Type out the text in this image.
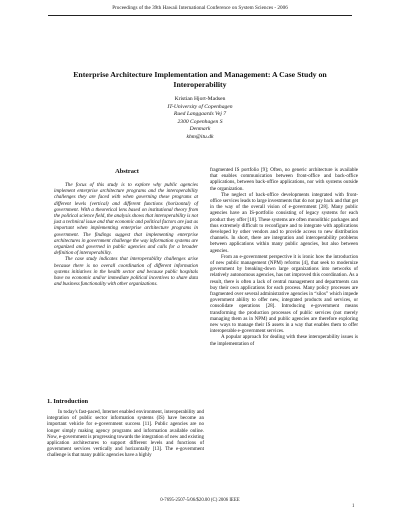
Proceedings of the 39th Hawaii International Conference on System Sciences - 2006
Enterprise Architecture Implementation and Management: A Case Study on
Interoperability
Kristian Hjort-Madsen
IT-University of Copenhagen
Rued Langgaards Vej 7
2300 Copenhagen S
Denmark
khm@itu.dk
Abstract

The focus of this study is to explore why public agencies implement enterprise architecture programs and the interoperability challenges they are faced with when governing these programs at different levels (vertical) and different functions (horizontal) of government. With a theoretical lens based on institutional theory from the political science field, the analysis shows that interoperability is not just a technical issue and that economic and political factors are just as important when implementing enterprise architecture programs in government. The findings suggest that implementing enterprise architectures in government challenge the way information systems are organized and governed in public agencies and calls for a broader definition of interoperability.

The case study indicates that interoperability challenges arise because there is no overall coordination of different information systems initiatives in the health sector and because public hospitals have no economic and/or immediate political incentives to share data and business functionality with other organizations.

1. Introduction

In today's fast-paced, Internet enabled environment, interoperability and integration of public sector information systems (IS) have become an important vehicle for e-government success [11]. Public agencies are no longer simply making agency programs and information available online. Now, e-government is progressing towards the integration of new and existing application architectures to support different levels and functions of government services vertically and horizontally [13]. The e-government challenge is that many public agencies have a highly

fragmented IS portfolio [9]; Often, no generic architecture is available that enables communication between front-office and back-office applications, between back-office applications, nor with systems outside the organization.

The neglect of back-office developments integrated with front-office services leads to large investments that do not pay back and that get in the way of the overall vision of e-government [28]. Many public agencies have an IS-portfolio consisting of legacy systems for each product they offer [10]. These systems are often monolithic packages and thus extremely difficult to reconfigure and to integrate with applications developed by other vendors and to provide access to new distribution channels. In short, there are integration and interoperability problems between applications within many public agencies, but also between agencies.

From an e-government perspective it is ironic how the introduction of new public management (NPM) reforms [4], that seek to modernize government by breaking-down large organizations into networks of relatively autonomous agencies, has not improved this coordination. As a result, there is often a lack of central management and departments can buy their own applications for each process. Many policy processes are fragmented over several administrative agencies in “silos” which impede government ability to offer new, integrated products and services, or consolidate operations [28]. Introducing e-government means transforming the production processes of public services (not merely managing them as in NPM) and public agencies are therefore exploring new ways to manage their IS assets in a way that enables them to offer interoperable e-government services.

A popular approach for dealing with these interoperability issues is the implementation of

0-7695-2507-5/06/$20.00 (C) 2006 IEEE
1
